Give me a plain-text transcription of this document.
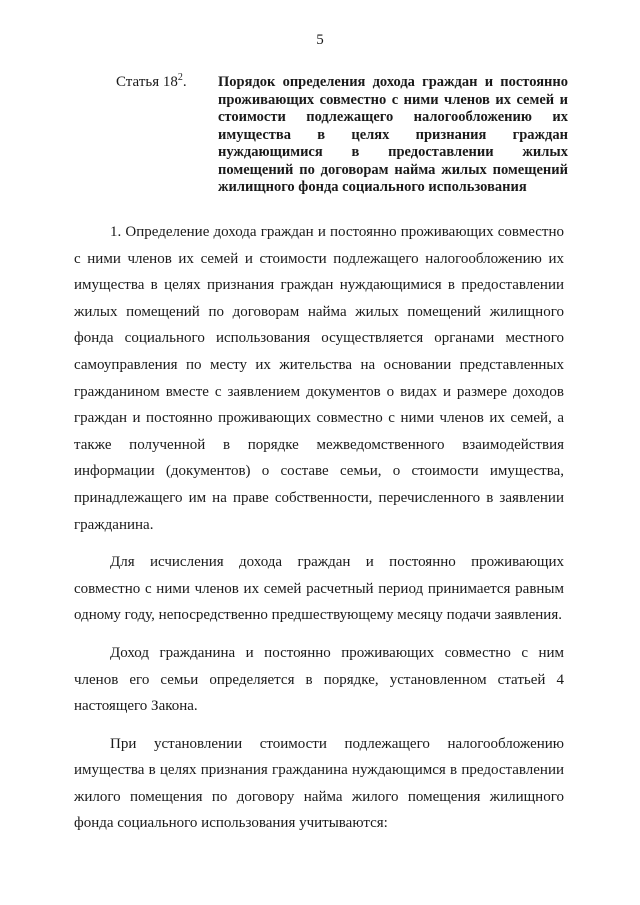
5
Статья $18^2$. Порядок определения дохода граждан и постоянно проживающих совместно с ними членов их семей и стоимости подлежащего налогообложению их имущества в целях признания граждан нуждающимися в предоставлении жилых помещений по договорам найма жилых помещений жилищного фонда социального использования

1. Определение дохода граждан и постоянно проживающих совместно с ними членов их семей и стоимости подлежащего налогообложению их имущества в целях признания граждан нуждающимися в предоставлении жилых помещений по договорам найма жилых помещений жилищного фонда социального использования осуществляется органами местного самоуправления по месту их жительства на основании представленных гражданином вместе с заявлением документов о видах и размере доходов граждан и постоянно проживающих совместно с ними членов их семей, а также полученной в порядке межведомственного взаимодействия информации (документов) о составе семьи, о стоимости имущества, принадлежащего им на праве собственности, перечисленного в заявлении гражданина.

Для исчисления дохода граждан и постоянно проживающих совместно с ними членов их семей расчетный период принимается равным одному году, непосредственно предшествующему месяцу подачи заявления.

Доход гражданина и постоянно проживающих совместно с ним членов его семьи определяется в порядке, установленном статьей 4 настоящего Закона.

При установлении стоимости подлежащего налогообложению имущества в целях признания гражданина нуждающимся в предоставлении жилого помещения по договору найма жилого помещения жилищного фонда социального использования учитываются:
